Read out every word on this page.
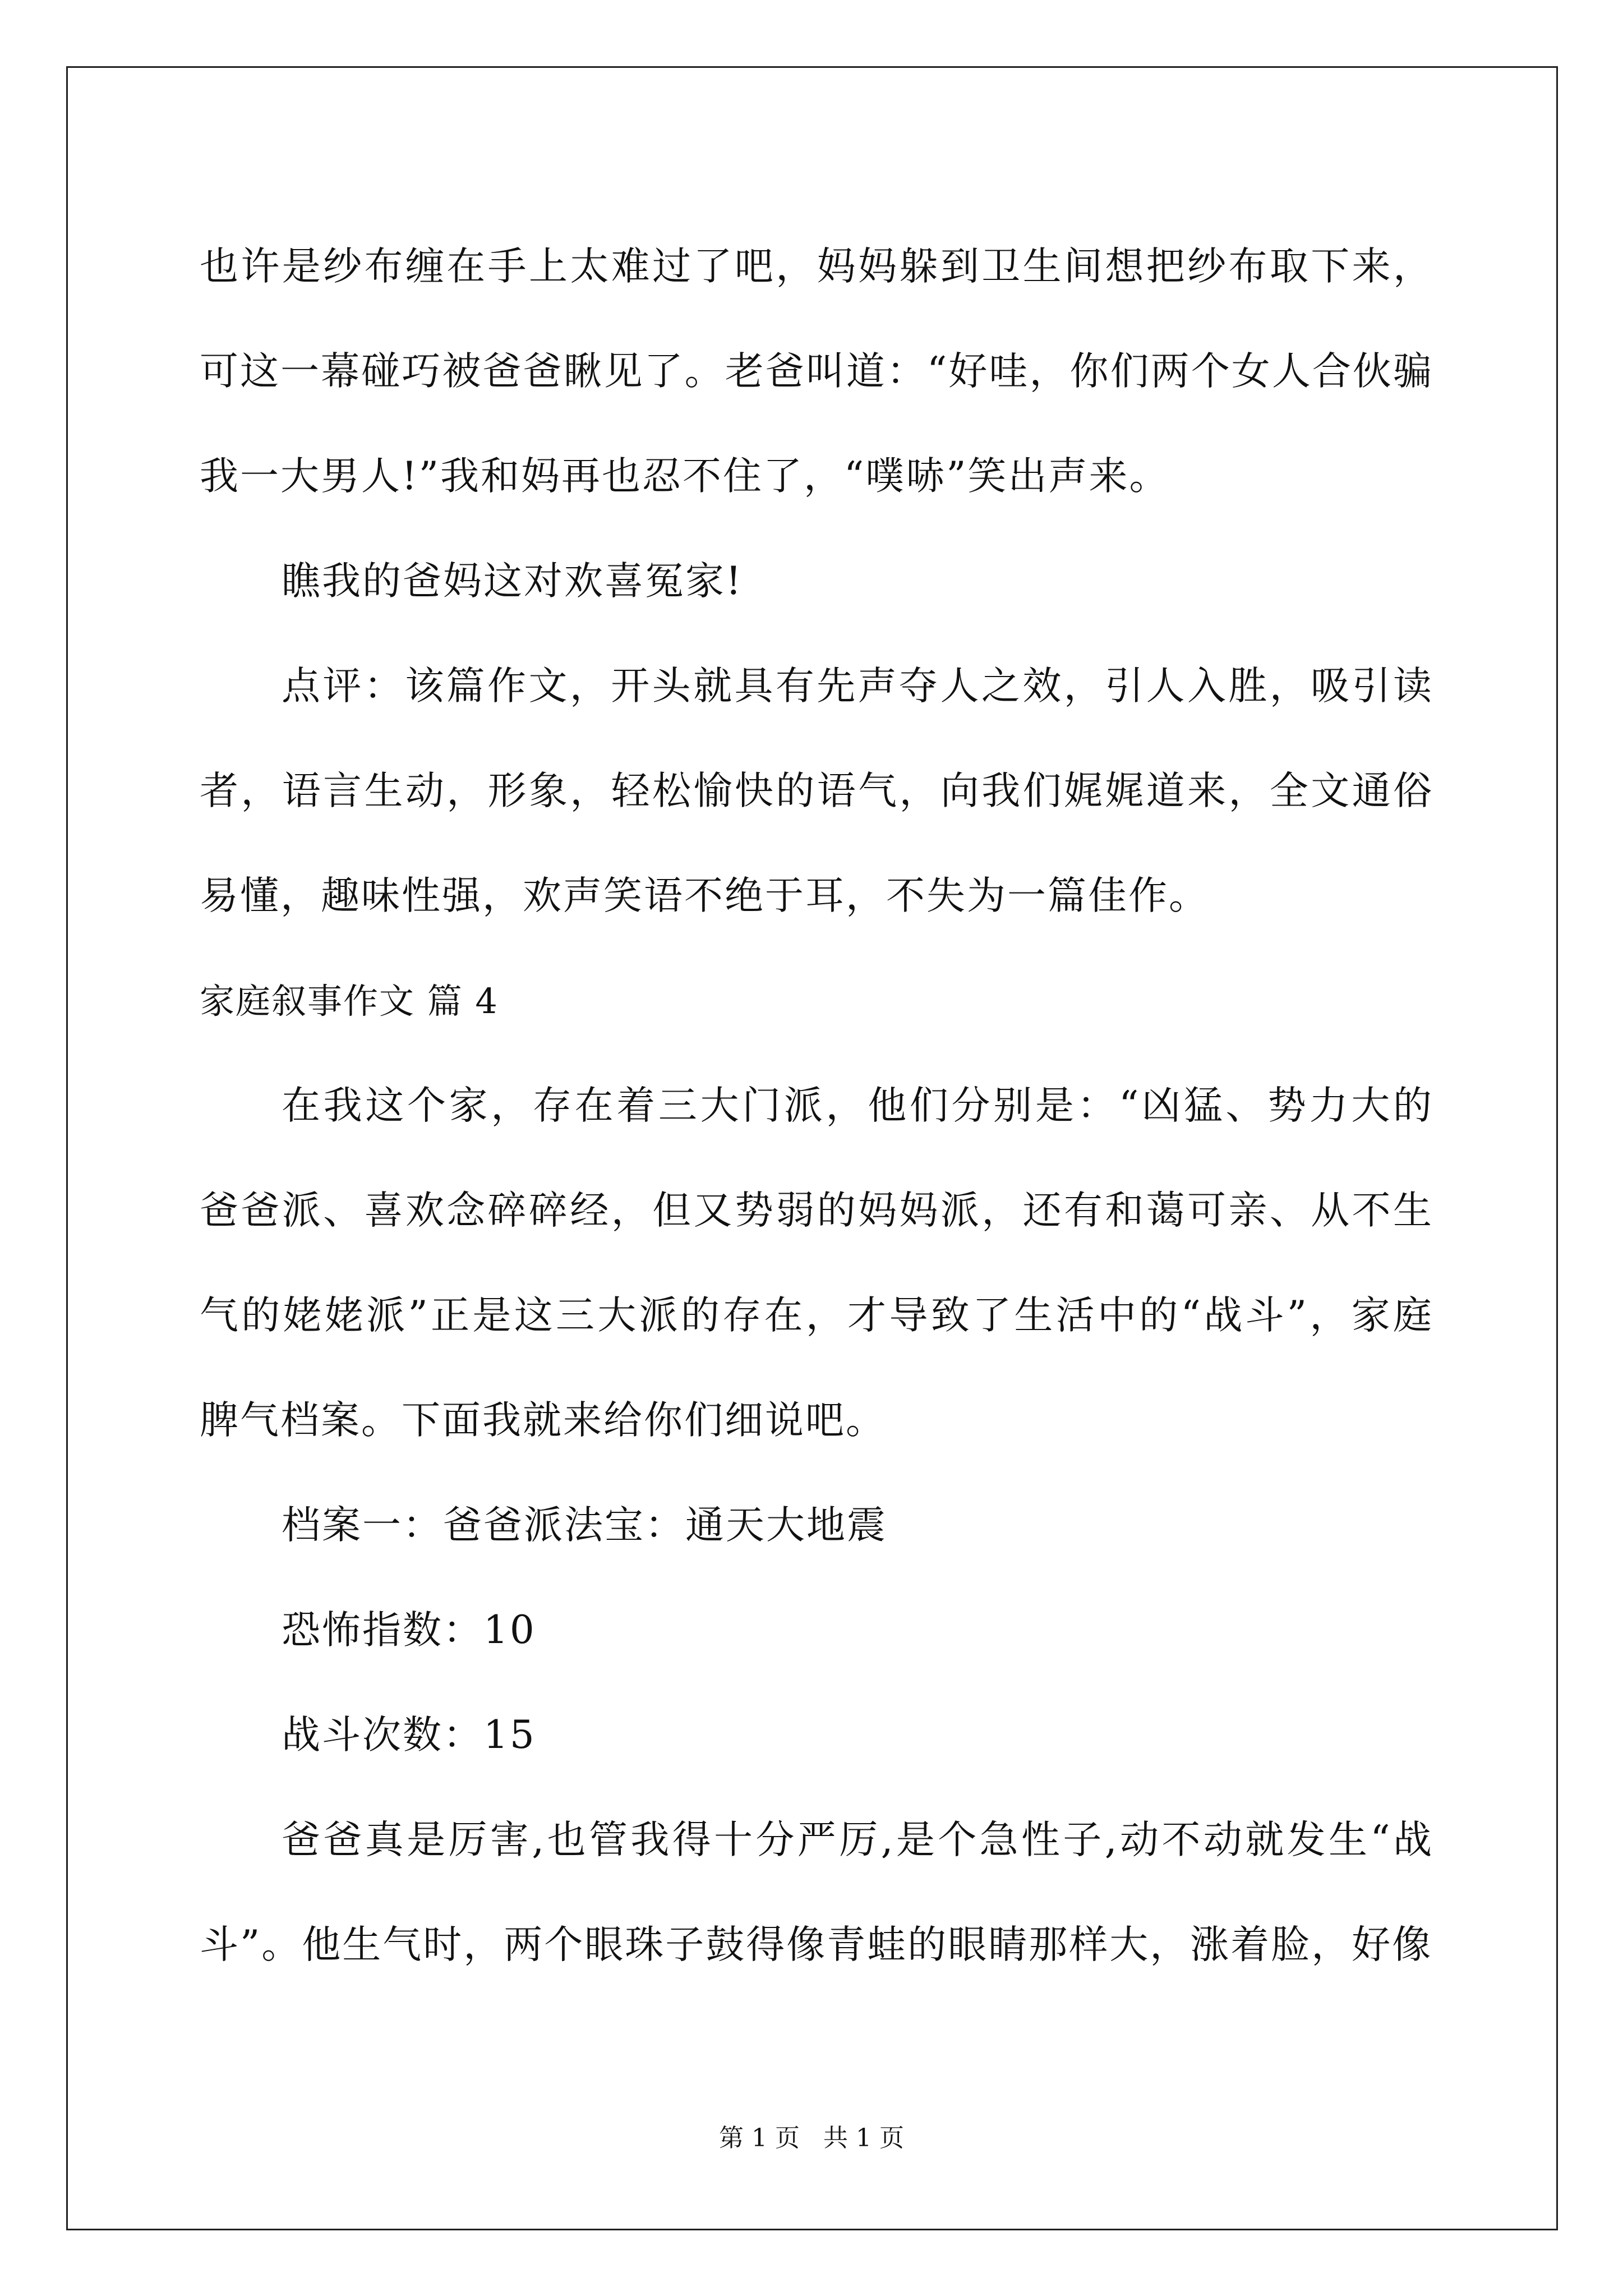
也许是纱布缠在手上太难过了吧，妈妈躲到卫生间想把纱布取下来，可这一幕碰巧被爸爸瞅见了。老爸叫道：“好哇，你们两个女人合伙骗我一大男人!”我和妈再也忍不住了，“噗哧”笑出声来。

瞧我的爸妈这对欢喜冤家!

点评：该篇作文，开头就具有先声夺人之效，引人入胜，吸引读者，语言生动，形象，轻松愉快的语气，向我们娓娓道来，全文通俗易懂，趣味性强，欢声笑语不绝于耳，不失为一篇佳作。

家庭叙事作文 篇 4

在我这个家，存在着三大门派，他们分别是：“凶猛、势力大的爸爸派、喜欢念碎碎经，但又势弱的妈妈派，还有和蔼可亲、从不生气的姥姥派”正是这三大派的存在，才导致了生活中的“战斗”，家庭脾气档案。下面我就来给你们细说吧。

档案一：爸爸派法宝：通天大地震

恐怖指数：10

战斗次数：15

爸爸真是厉害,也管我得十分严厉,是个急性子,动不动就发生“战斗”。他生气时，两个眼珠子鼓得像青蛙的眼睛那样大，涨着脸，好像

第 1 页 共 1 页
